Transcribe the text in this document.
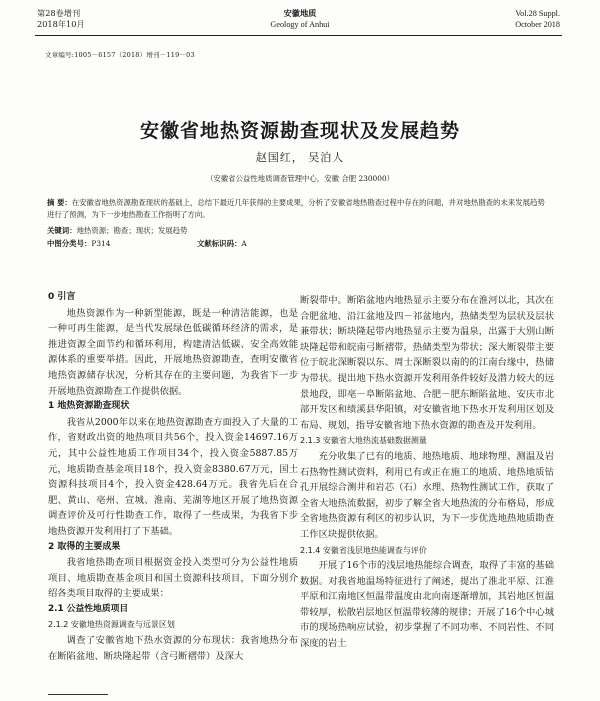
第28卷增刊
2018年10月
安徽地质
Geology of Anhui
Vol.28 Suppl.
October 2018
文章编号:1005－6157（2018）增刊－119－03
安徽省地热资源勘查现状及发展趋势
赵国红， 吴泊人
（安徽省公益性地质调查管理中心，安徽 合肥 230000）
摘 要：在安徽省地热资源勘查现状的基础上，总结下最近几年获得的主要成果，分析了安徽省地热勘查过程中存在的问题，并对地热勘查的未来发展趋势进行了预测，为下一步地热勘查工作指明了方向。
关键词：地热资源；勘查；现状；发展趋势
中图分类号：P314	文献标识码：A
0 引言

地热资源作为一种新型能源，既是一种清洁能源，也是一种可再生能源，是当代发展绿色低碳循环经济的需求，是推进资源全面节约和循环利用，构建清洁低碳、安全高效能源体系的重要举措。因此，开展地热资源勘查，查明安徽省地热资源储存状况，分析其存在的主要问题，为我省下一步开展地热资源勘查工作提供依据。

1 地热资源勘查现状

我省从2000年以来在地热资源勘查方面投入了大量的工作，省财政出资的地热项目共56个，投入资金14697.16万元，其中公益性地质工作项目34个，投入资金5887.85万元，地质勘查基金项目18个，投入资金8380.67万元，国土资源科技项目4个，投入资金428.64万元。我省先后在合肥、黄山、亳州、宣城、淮南、芜湖等地区开展了地热资源调查评价及可行性勘查工作，取得了一些成果，为我省下步地热资源开发利用打了下基础。

2 取得的主要成果

我省地热勘查项目根据资金投入类型可分为公益性地质项目、地质勘查基金项目和国土资源科技项目，下面分别介绍各类项目取得的主要成果：

2.1 公益性地质项目
2.1.2 安徽地热资源调查与远景区划

调查了安徽省地下热水资源的分布现状：我省地热分布在断陷盆地、断块隆起带（含弓断褶带）及深大

断裂带中。断陷盆地内地热显示主要分布在淮河以北，其次在合肥盆地、沿江盆地及四－祁盆地内，热储类型为层状及层状兼带状；断块隆起带内地热显示主要为温泉，出露于大别山断块隆起带和皖南弓断褶带，热储类型为带状；深大断裂带主要位于皖北深断裂以东、周士深断裂以南的的江南台缘中，热储为带状。提出地下热水资源开发利用条件较好及潜力较大的远景地段，即亳－阜断陷盆地、合肥－肥东断陷盆地、安庆市北部开发区和绩溪县华阳镇，对安徽省地下热水开发利用区划及布局、规划，指导安徽省地下热水资源的勘查及开发利用。

2.1.3 安徽省大地热流基础数据测量

充分收集了已有的地质、地热地质、地球物理、测温及岩石热物性测试资料，利用已有或正在施工的地质、地热地质钻孔开展综合测井和岩芯（石）水理、热物性测试工作，获取了全省大地热流数据，初步了解全省大地热流的分布格局，形成全省地热资源有利区的初步认识，为下一步优选地热地质勘查工作区块提供依据。

2.1.4 安徽省浅层地热能调查与评价

开展了16个市的浅层地热能综合调查，取得了丰富的基础数据。对我省地温场特征进行了阐述，提出了淮北平原、江淮平原和江南地区恒温带温度由北向南逐渐增加，其岩地区恒温带较厚，松散岩层地区恒温带较薄的规律；开展了16个中心城市的现场热响应试验，初步掌握了不同功率、不同岩性、不同深度的岩土
